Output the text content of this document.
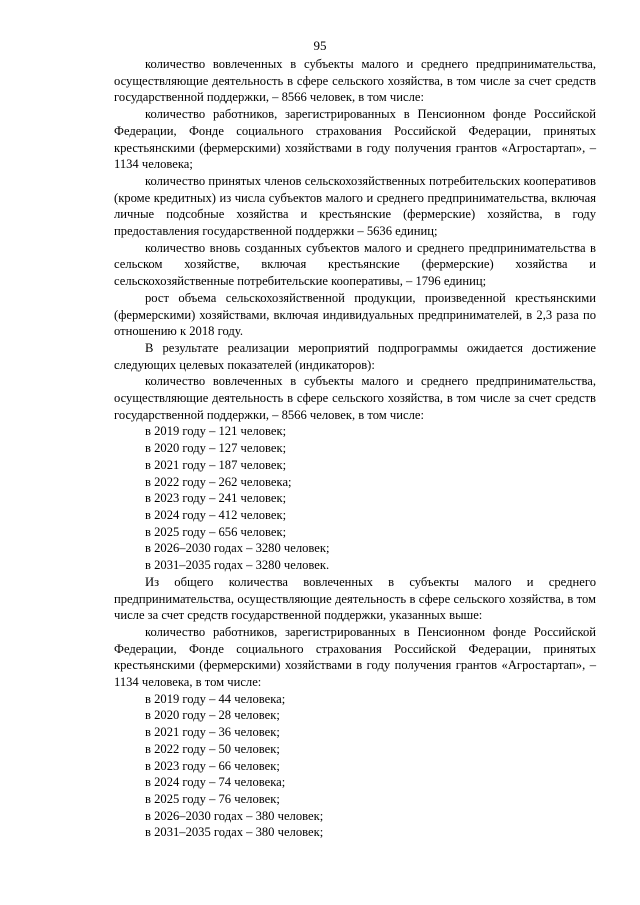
95

количество вовлеченных в субъекты малого и среднего предпринимательства, осуществляющие деятельность в сфере сельского хозяйства, в том числе за счет средств государственной поддержки, – 8566 человек, в том числе:

количество работников, зарегистрированных в Пенсионном фонде Российской Федерации, Фонде социального страхования Российской Федерации, принятых крестьянскими (фермерскими) хозяйствами в году получения грантов «Агростартап», – 1134 человека;

количество принятых членов сельскохозяйственных потребительских кооперативов (кроме кредитных) из числа субъектов малого и среднего предпринимательства, включая личные подсобные хозяйства и крестьянские (фермерские) хозяйства, в году предоставления государственной поддержки – 5636 единиц;

количество вновь созданных субъектов малого и среднего предпринимательства в сельском хозяйстве, включая крестьянские (фермерские) хозяйства и сельскохозяйственные потребительские кооперативы, – 1796 единиц;

рост объема сельскохозяйственной продукции, произведенной крестьянскими (фермерскими) хозяйствами, включая индивидуальных предпринимателей, в 2,3 раза по отношению к 2018 году.

В результате реализации мероприятий подпрограммы ожидается достижение следующих целевых показателей (индикаторов):

количество вовлеченных в субъекты малого и среднего предпринимательства, осуществляющие деятельность в сфере сельского хозяйства, в том числе за счет средств государственной поддержки, – 8566 человек, в том числе:

в 2019 году – 121 человек;

в 2020 году – 127 человек;

в 2021 году – 187 человек;

в 2022 году – 262 человека;

в 2023 году – 241 человек;

в 2024 году – 412 человек;

в 2025 году – 656 человек;

в 2026–2030 годах – 3280 человек;

в 2031–2035 годах – 3280 человек.

Из общего количества вовлеченных в субъекты малого и среднего предпринимательства, осуществляющие деятельность в сфере сельского хозяйства, в том числе за счет средств государственной поддержки, указанных выше:

количество работников, зарегистрированных в Пенсионном фонде Российской Федерации, Фонде социального страхования Российской Федерации, принятых крестьянскими (фермерскими) хозяйствами в году получения грантов «Агростартап», – 1134 человека, в том числе:

в 2019 году – 44 человека;

в 2020 году – 28 человек;

в 2021 году – 36 человек;

в 2022 году – 50 человек;

в 2023 году – 66 человек;

в 2024 году – 74 человека;

в 2025 году – 76 человек;

в 2026–2030 годах – 380 человек;

в 2031–2035 годах – 380 человек;
